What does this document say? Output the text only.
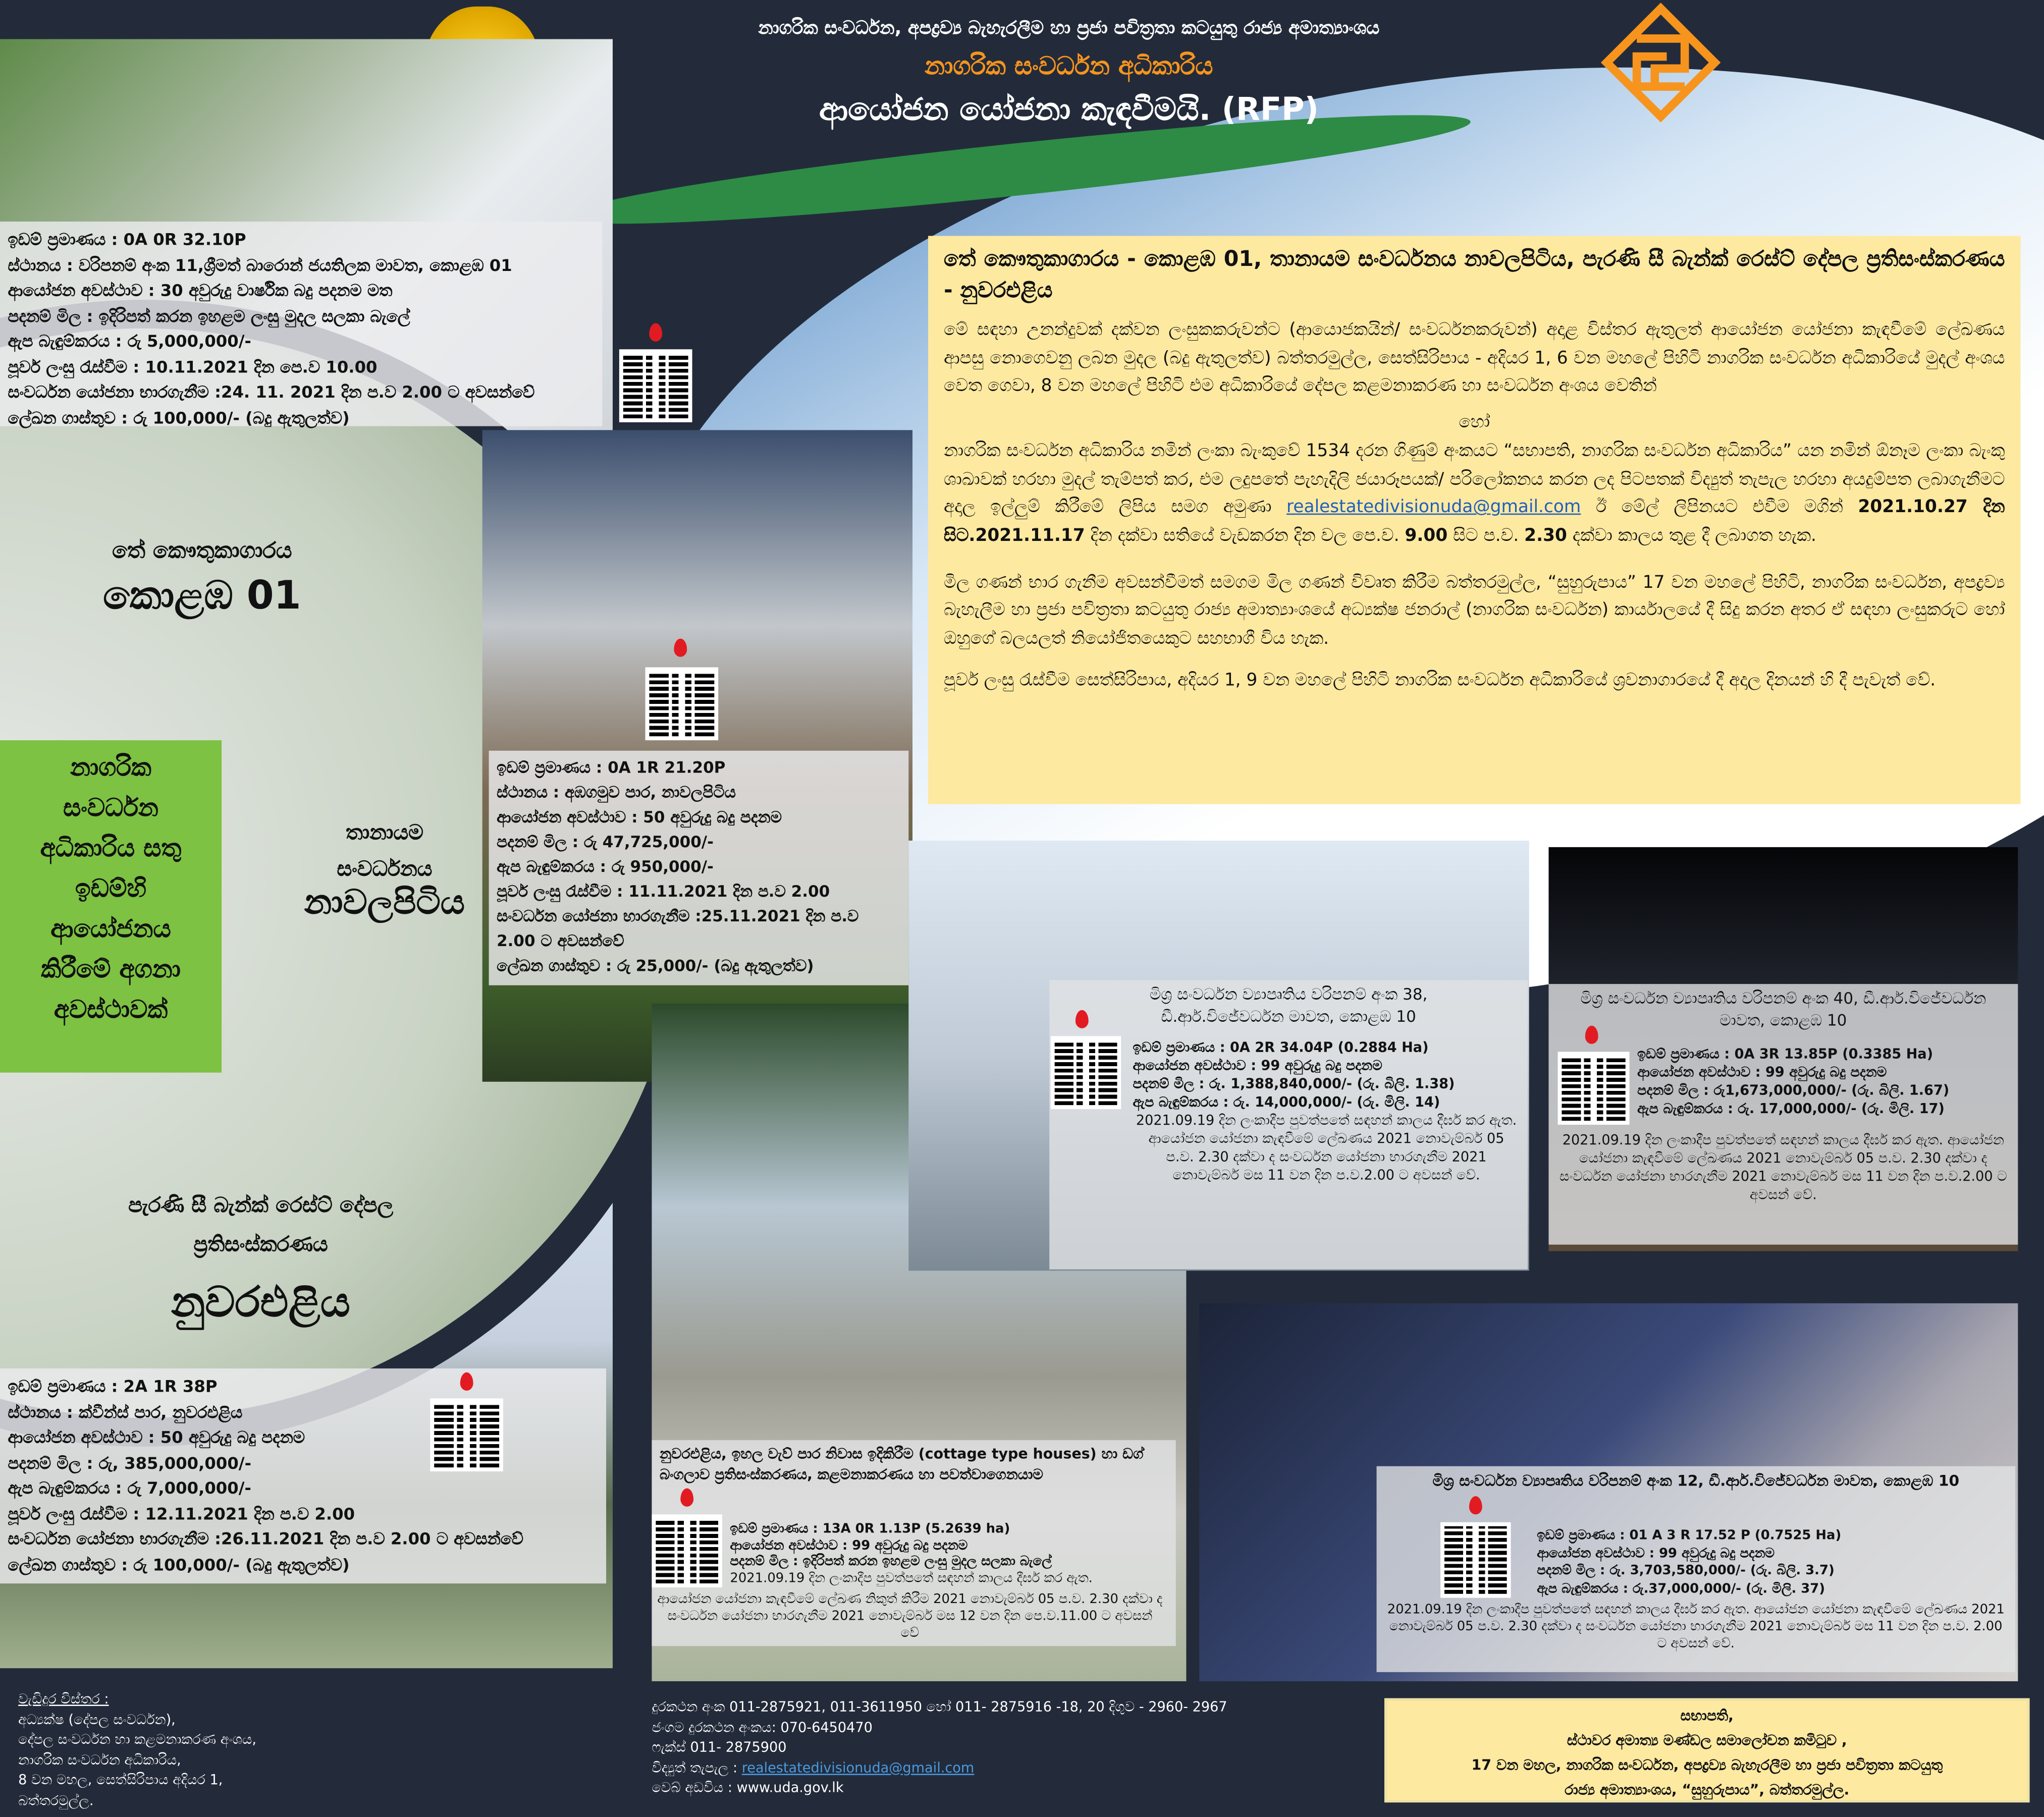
නාගරික සංවර්ධන, අපද්‍රව්‍ය බැහැරලීම හා ප්‍රජා පවිත්‍රතා කටයුතු රාජ්‍ය අමාත්‍යාංශය
නාගරික සංවර්ධන අධිකාරිය
ආයෝජන යෝජනා කැඳවීමයි. (RFP)
ඉඩම් ප්‍රමාණය : 0A 0R 32.10P
ස්ථානය : වරිපනම් අංක 11,ශ්‍රීමත් බාරොන් ජයතිලක මාවත, කොළඹ 01
ආයෝජන අවස්ථාව : 30 අවුරුදු වාර්ෂික බදු පදනම මත
පදනම් මිල : ඉදිරිපත් කරන ඉහළම ලංසු මුදල සලකා බැලේ
ඇප බැඳුම්කරය : රු 5,000,000/-
පූර්ව ලංසු රැස්වීම : 10.11.2021 දින පෙ.ව 10.00
සංවර්ධන යෝජනා භාරගැනීම :24. 11. 2021 දින ප.ව 2.00 ට අවසන්වේ
ලේඛන ගාස්තුව : රු 100,000/- (බදු ඇතුලත්ව)
තේ කෞතුකාගාරය
කොළඹ 01
නාගරික
සංවර්ධන
අධිකාරිය සතු
ඉඩම්හි
ආයෝජනය
කිරීමේ අගනා
අවස්ථාවක්
තානායම
සංවර්ධනය
නාවලපිටිය
ඉඩම් ප්‍රමාණය : 0A 1R 21.20P
ස්ථානය : අඹගමුව පාර, නාවලපිටිය
ආයෝජන අවස්ථාව : 50 අවුරුදු බදු පදනම
පදනම් මිල : රු 47,725,000/-
ඇප බැඳුම්කරය : රු 950,000/-
පූර්ව ලංසු රැස්වීම : 11.11.2021 දින ප.ව 2.00
සංවර්ධන යෝජනා භාරගැනීම :25.11.2021 දින ප.ව 2.00 ට අවසන්වේ
ලේඛන ගාස්තුව : රු 25,000/- (බදු ඇතුලත්ව)
පැරණි සී බැන්ක් රෙස්ට් දේපල
ප්‍රතිසංස්කරණය
නුවරඑළිය
ඉඩම් ප්‍රමාණය : 2A 1R 38P
ස්ථානය : ක්වීන්ස් පාර, නුවරඑළිය
ආයෝජන අවස්ථාව : 50 අවුරුදු බදු පදනම
පදනම් මිල : රු, 385,000,000/-
ඇප බැඳුම්කරය : රු 7,000,000/-
පූර්ව ලංසු රැස්වීම : 12.11.2021 දින ප.ව 2.00
සංවර්ධන යෝජනා භාරගැනීම :26.11.2021 දින ප.ව 2.00 ට අවසන්වේ
ලේඛන ගාස්තුව : රු 100,000/- (බදු ඇතුලත්ව)
තේ කෞතුකාගාරය - කොළඹ 01, තානායම සංවර්ධනය නාවලපිටිය, පැරණි සී බැන්ක් රෙස්ට් දේපල ප්‍රතිසංස්කරණය - නුවරඑළිය

මේ සඳහා උනන්දුවක් දක්වන ලංසුකකරුවන්ට (ආයොජකයින්/ සංවර්ධනකරුවන්) අදාළ විස්තර ඇතුලත් ආයෝජන යෝජනා කැඳවීමේ ලේඛණය ආපසු නොගෙවනු ලබන මුදල (බදු ඇතුලත්ව) බත්තරමුල්ල, සෙත්සිරිපාය - අදියර 1, 6 වන මහලේ පිහිටි නාගරික සංවර්ධන අධිකාරියේ මුදල් අංශය වෙත ගෙවා, 8 වන මහලේ පිහිටි එම අධිකාරියේ දේපල කළමනාකරණ හා සංවර්ධන අංශය වෙතින්

හෝ

නාගරික සංවර්ධන අධිකාරිය නමින් ලංකා බැංකුවේ 1534 දරන ගිණුම් අංකයට “සභාපති, නාගරික සංවර්ධන අධිකාරිය” යන නමින් ඕනෑම ලංකා බැංකු ශාඛාවක් හරහා මුදල් තැම්පත් කර, එම ලදුපතේ පැහැදිලි ජයාරූපයක්/ පරිලෝකනය කරන ලද පිටපතක් විද්‍යුත් තැපැල හරහා අයදුම්පත ලබාගැනීමට අදාල ඉල්ලුම් කිරීමේ ලිපිය සමග අමුණා realestatedivisionuda@gmail.com ඊ මේල් ලිපිනයට එවීම මගින් 2021.10.27 දින සිට.2021.11.17 දින දක්වා සතියේ වැඩකරන දින වල පෙ.ව. 9.00 සිට ප.ව. 2.30 දක්වා කාලය තුළ දී ලබාගත හැක.

මිල ගණන් භාර ගැනීම අවසන්වීමත් සමගම මිල ගණන් විවෘත කිරීම බත්තරමුල්ල, “සුහුරුපාය” 17 වන මහලේ පිහිටි, නාගරික සංවර්ධන, අපද්‍රව්‍ය බැහැලීම හා ප්‍රජා පවිත්‍රතා කටයුතු රාජ්‍ය අමාත්‍යාංශයේ අධ්‍යක්ෂ ජනරාල් (නාගරික සංවර්ධන) කාර්යාලයේ දී සිදු කරන අතර ඒ සඳහා ලංසුකරුට හෝ ඔහුගේ බලයලත් නියෝජිතයෙකුට සහභාගී විය හැක.

පූර්ව ලංසු රැස්වීම සෙත්සිරිපාය, අදියර 1, 9 වන මහලේ පිහිටි නාගරික සංවර්ධන අධිකාරියේ ශ්‍රවනාගාරයේ දී අදාල දිනයන් හි දී පැවැත් වේ.

මිශ්‍ර සංවර්ධන ව්‍යාපෘතිය වරිපනම් අංක 38, ඩී.ආර්.විජේවර්ධන මාවත, කොළඹ 10
ඉඩම් ප්‍රමාණය : 0A 2R 34.04P (0.2884 Ha)
ආයෝජන අවස්ථාව : 99 අවුරුදු බදු පදනම
පදනම් මිල : රු. 1,388,840,000/- (රු. බිලි. 1.38)
ඇප බැඳුම්කරය : රු. 14,000,000/- (රු. මිලි. 14)
2021.09.19 දින ලංකාදීප පුවත්පතේ සඳහන් කාලය දීර්ඝ කර ඇත. ආයෝජන යෝජනා කැඳවීමේ ලේඛණය 2021 නොවැම්බර් 05 ප.ව. 2.30 දක්වා ද සංවර්ධන යෝජනා භාරගැනීම 2021 නොවැම්බර් මස 11 වන දින ප.ව.2.00 ට අවසන් වේ.
මිශ්‍ර සංවර්ධන ව්‍යාපෘතිය වරිපනම් අංක 40, ඩී.ආර්.විජේවර්ධන මාවත, කොළඹ 10
ඉඩම් ප්‍රමාණය : 0A 3R 13.85P (0.3385 Ha)
ආයෝජන අවස්ථාව : 99 අවුරුදු බදු පදනම
පදනම් මිල : රු1,673,000,000/- (රු. බිලි. 1.67)
ඇප බැඳුම්කරය : රු. 17,000,000/- (රු. මිලි. 17)
2021.09.19 දින ලංකාදීප පුවත්පතේ සඳහන් කාලය දීර්ඝ කර ඇත. ආයෝජන යෝජනා කැඳවීමේ ලේඛණය 2021 නොවැම්බර් 05 ප.ව. 2.30 දක්වා ද සංවර්ධන යෝජනා භාරගැනීම 2021 නොවැම්බර් මස 11 වන දින ප.ව.2.00 ට අවසන් වේ.
නුවරඑළිය, ඉහල වැව් පාර නිවාස ඉදිකිරීම (cottage type houses) හා ඩග් බංගලාව ප්‍රතිසංස්කරණය, කළමනාකරණය හා පවත්වාගෙනයාම
ඉඩම් ප්‍රමාණය : 13A 0R 1.13P (5.2639 ha)
ආයෝජන අවස්ථාව : 99 අවුරුදු බදු පදනම
පදනම් මිල : ඉදිරිපත් කරන ඉහළම ලංසු මුදල සලකා බැලේ
2021.09.19 දින ලංකාදීප පුවත්පතේ සඳහන් කාලය දීර්ඝ කර ඇත.
ආයෝජන යෝජනා කැඳවීමේ ලේඛණ නිකුත් කිරීම 2021 නොවැම්බර් 05 ප.ව. 2.30 දක්වා ද සංවර්ධන යෝජනා භාරගැනීම 2021 නොවැම්බර් මස 12 වන දින පෙ.ව.11.00 ට අවසන් වේ
මිශ්‍ර සංවර්ධන ව්‍යාපෘතිය වරිපනම් අංක 12, ඩී.ආර්.විජේවර්ධන මාවත, කොළඹ 10
ඉඩම් ප්‍රමාණය : 01 A 3 R 17.52 P (0.7525 Ha)
ආයෝජන අවස්ථාව : 99 අවුරුදු බදු පදනම
පදනම් මිල : රු. 3,703,580,000/- (රු. බිලි. 3.7)
ඇප බැඳුම්කරය : රු.37,000,000/- (රු. මිලි. 37)
2021.09.19 දින ලංකාදීප පුවත්පතේ සඳහන් කාලය දීර්ඝ කර ඇත. ආයෝජන යෝජනා කැඳවීමේ ලේඛණය 2021 නොවැම්බර් 05 ප.ව. 2.30 දක්වා ද සංවර්ධන යෝජනා භාරගැනීම 2021 නොවැම්බර් මස 11 වන දින ප.ව. 2.00 ට අවසන් වේ.
වැඩිදුර විස්තර :
අධ්‍යක්ෂ (දේපල සංවර්ධන),
දේපල සංවර්ධන හා කළමනාකරණ අංශය,
නාගරික සංවර්ධන අධිකාරිය,
8 වන මහල, සෙත්සිරිපාය අදියර 1,
බත්තරමුල්ල.
දුරකථන අංක 011-2875921, 011-3611950 හෝ 011- 2875916 -18, 20 දිගුව - 2960- 2967
ජංගම දුරකථන අංකය: 070-6450470
ෆැක්ස් 011- 2875900
විද්‍යුත් තැපැල : realestatedivisionuda@gmail.com
වෙබ් අඩවිය : www.uda.gov.lk
සභාපති,
ස්ථාවර අමාත්‍ය මණ්ඩල සමාලෝචන කමිටුව ,
17 වන මහල, නාගරික සංවර්ධන, අපද්‍රව්‍ය බැහැරලීම හා ප්‍රජා පවිත්‍රතා කටයුතු
රාජ්‍ය අමාත්‍යාංශය, “සුහුරුපාය”, බත්තරමුල්ල.
